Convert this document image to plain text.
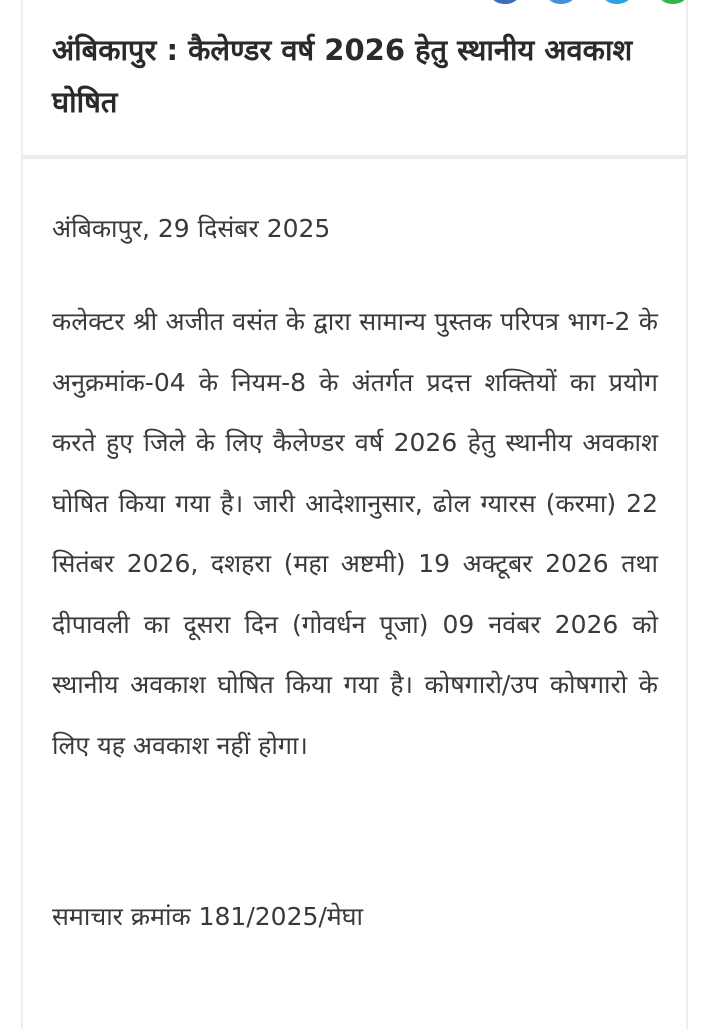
अंबिकापुर : कैलेण्डर वर्ष 2026 हेतु स्थानीय अवकाश घोषित

अंबिकापुर, 29 दिसंबर 2025

कलेक्टर श्री अजीत वसंत के द्वारा सामान्य पुस्तक परिपत्र भाग-2 के अनुक्रमांक-04 के नियम-8 के अंतर्गत प्रदत्त शक्तियों का प्रयोग करते हुए जिले के लिए कैलेण्डर वर्ष 2026 हेतु स्थानीय अवकाश घोषित किया गया है। जारी आदेशानुसार, ढोल ग्यारस (करमा) 22 सितंबर 2026, दशहरा (महा अष्टमी) 19 अक्टूबर 2026 तथा दीपावली का दूसरा दिन (गोवर्धन पूजा) 09 नवंबर 2026 को स्थानीय अवकाश घोषित किया गया है। कोषगारो/उप कोषगारो के लिए यह अवकाश नहीं होगा।

समाचार क्रमांक 181/2025/मेघा
